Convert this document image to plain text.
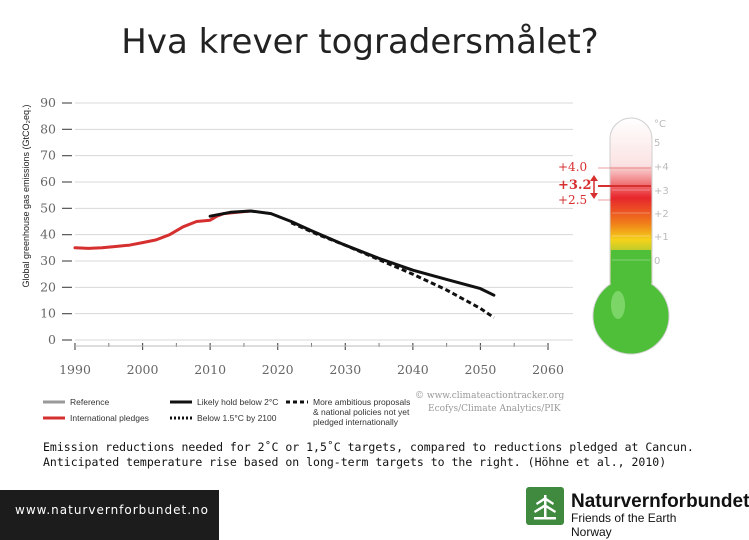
Hva krever togradersmålet?
0
10
20
30
40
50
60
70
80
90
1990	2000	2010	2020	2030	2040	2050	2060
Reference
International pledges
Likely hold below 2°C
Below 1.5°C by 2100
More ambitious proposals & national policies not yet pledged internationally
°C
5
+4
+3
+2
+1
0
+4.0
+3.2
+2.5
Global greenhouse gas emissions (GtCO₂eq.)
© www.climateactiontracker.org
Ecofys/Climate Analytics/PIK
Emission reductions needed for 2˚C or 1,5˚C targets, compared to reductions pledged at Cancun.
Anticipated temperature rise based on long-term targets to the right. (Höhne et al., 2010)
www.naturvernforbundet.no	Naturvernforbundet
Friends of the Earth Norway
